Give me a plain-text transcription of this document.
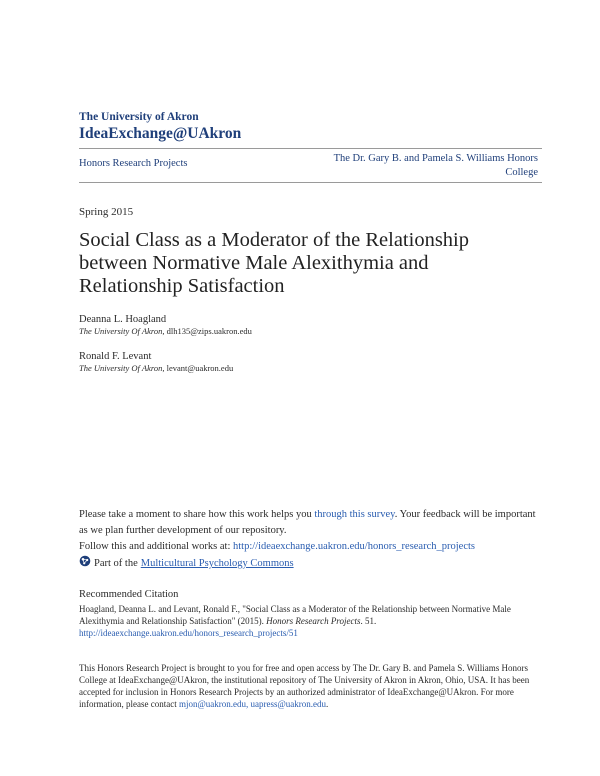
The University of Akron
IdeaExchange@UAkron
Honors Research Projects	The Dr. Gary B. and Pamela S. Williams Honors College
Spring 2015
Social Class as a Moderator of the Relationship between Normative Male Alexithymia and Relationship Satisfaction
Deanna L. Hoagland
The University Of Akron, dlh135@zips.uakron.edu
Ronald F. Levant
The University Of Akron, levant@uakron.edu
Please take a moment to share how this work helps you through this survey. Your feedback will be important as we plan further development of our repository.
Follow this and additional works at: http://ideaexchange.uakron.edu/honors_research_projects
Part of the Multicultural Psychology Commons
Recommended Citation
Hoagland, Deanna L. and Levant, Ronald F., "Social Class as a Moderator of the Relationship between Normative Male Alexithymia and Relationship Satisfaction" (2015). Honors Research Projects. 51.
http://ideaexchange.uakron.edu/honors_research_projects/51
This Honors Research Project is brought to you for free and open access by The Dr. Gary B. and Pamela S. Williams Honors College at IdeaExchange@UAkron, the institutional repository of The University of Akron in Akron, Ohio, USA. It has been accepted for inclusion in Honors Research Projects by an authorized administrator of IdeaExchange@UAkron. For more information, please contact mjon@uakron.edu, uapress@uakron.edu.
